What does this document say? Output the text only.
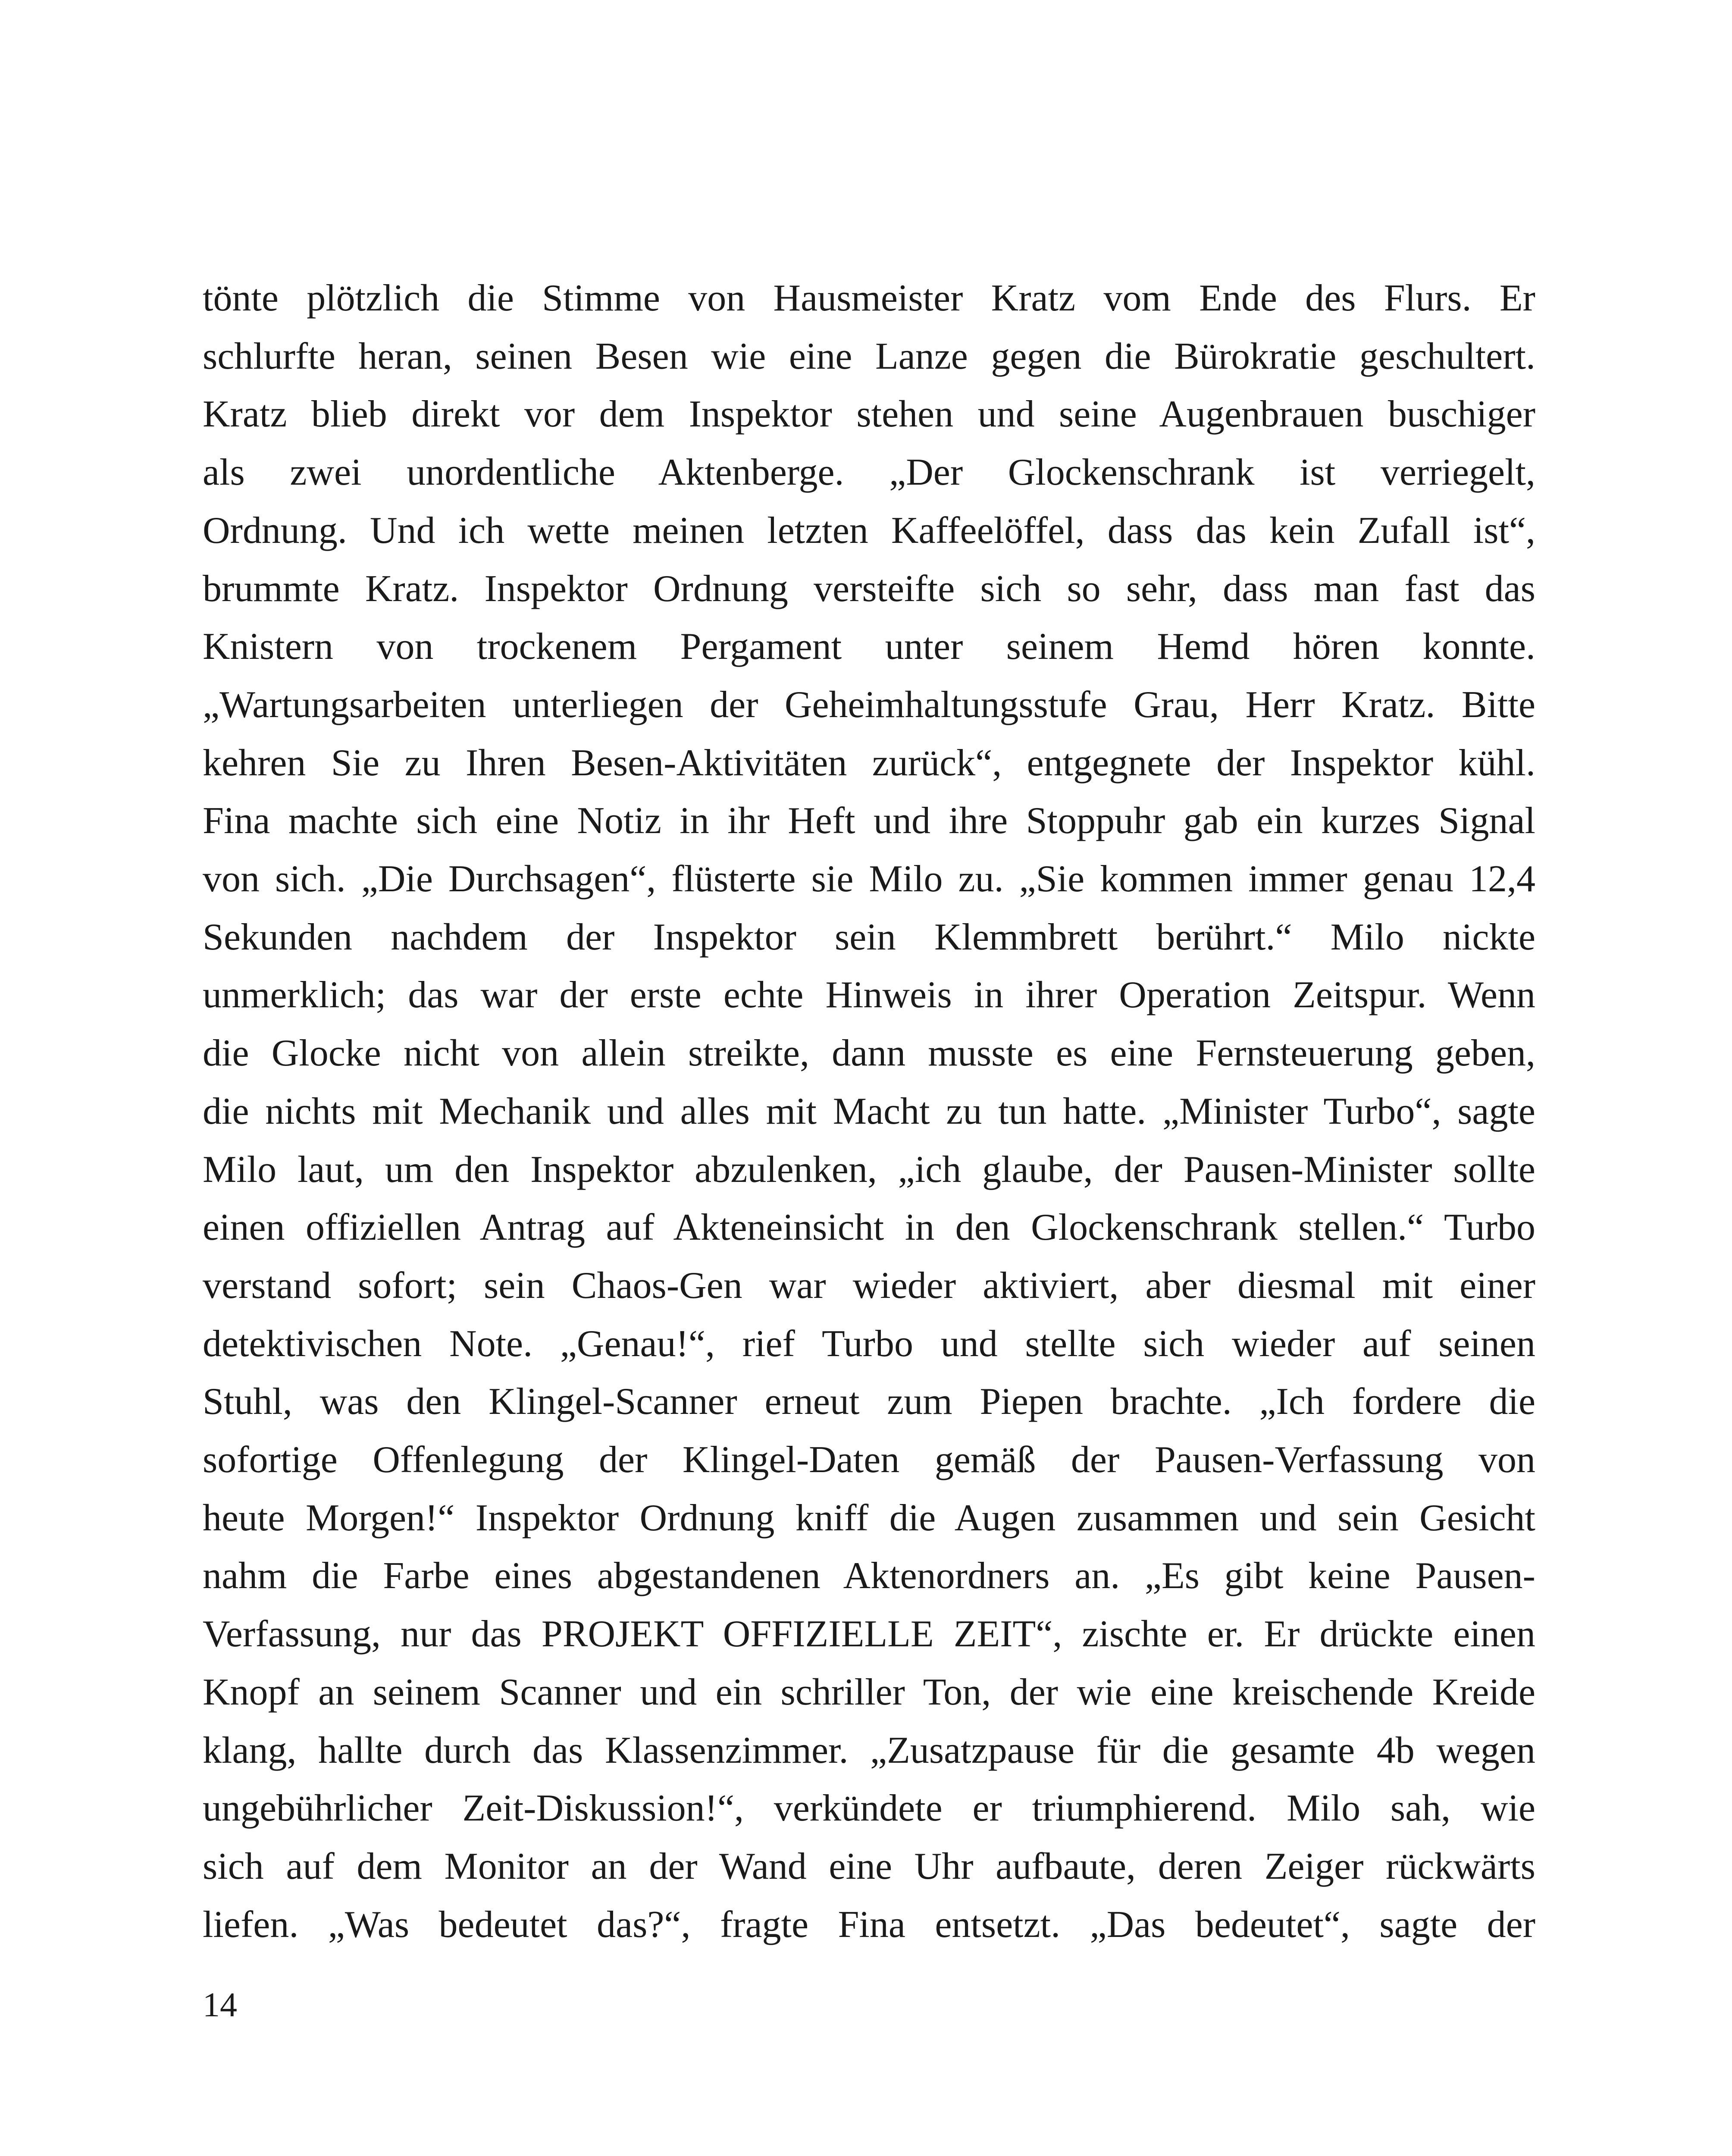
tönte plötzlich die Stimme von Hausmeister Kratz vom Ende des Flurs. Er
schlurfte heran, seinen Besen wie eine Lanze gegen die Bürokratie geschultert.
Kratz blieb direkt vor dem Inspektor stehen und seine Augenbrauen buschiger
als zwei unordentliche Aktenberge. „Der Glockenschrank ist verriegelt,
Ordnung. Und ich wette meinen letzten Kaffeelöffel, dass das kein Zufall ist“,
brummte Kratz. Inspektor Ordnung versteifte sich so sehr, dass man fast das
Knistern von trockenem Pergament unter seinem Hemd hören konnte.
„Wartungsarbeiten unterliegen der Geheimhaltungsstufe Grau, Herr Kratz. Bitte
kehren Sie zu Ihren Besen-Aktivitäten zurück“, entgegnete der Inspektor kühl.
Fina machte sich eine Notiz in ihr Heft und ihre Stoppuhr gab ein kurzes Signal
von sich. „Die Durchsagen“, flüsterte sie Milo zu. „Sie kommen immer genau 12,4
Sekunden nachdem der Inspektor sein Klemmbrett berührt.“ Milo nickte
unmerklich; das war der erste echte Hinweis in ihrer Operation Zeitspur. Wenn
die Glocke nicht von allein streikte, dann musste es eine Fernsteuerung geben,
die nichts mit Mechanik und alles mit Macht zu tun hatte. „Minister Turbo“, sagte
Milo laut, um den Inspektor abzulenken, „ich glaube, der Pausen-Minister sollte
einen offiziellen Antrag auf Akteneinsicht in den Glockenschrank stellen.“ Turbo
verstand sofort; sein Chaos-Gen war wieder aktiviert, aber diesmal mit einer
detektivischen Note. „Genau!“, rief Turbo und stellte sich wieder auf seinen
Stuhl, was den Klingel-Scanner erneut zum Piepen brachte. „Ich fordere die
sofortige Offenlegung der Klingel-Daten gemäß der Pausen-Verfassung von
heute Morgen!“ Inspektor Ordnung kniff die Augen zusammen und sein Gesicht
nahm die Farbe eines abgestandenen Aktenordners an. „Es gibt keine Pausen-
Verfassung, nur das PROJEKT OFFIZIELLE ZEIT“, zischte er. Er drückte einen
Knopf an seinem Scanner und ein schriller Ton, der wie eine kreischende Kreide
klang, hallte durch das Klassenzimmer. „Zusatzpause für die gesamte 4b wegen
ungebührlicher Zeit-Diskussion!“, verkündete er triumphierend. Milo sah, wie
sich auf dem Monitor an der Wand eine Uhr aufbaute, deren Zeiger rückwärts
liefen. „Was bedeutet das?“, fragte Fina entsetzt. „Das bedeutet“, sagte der

14
